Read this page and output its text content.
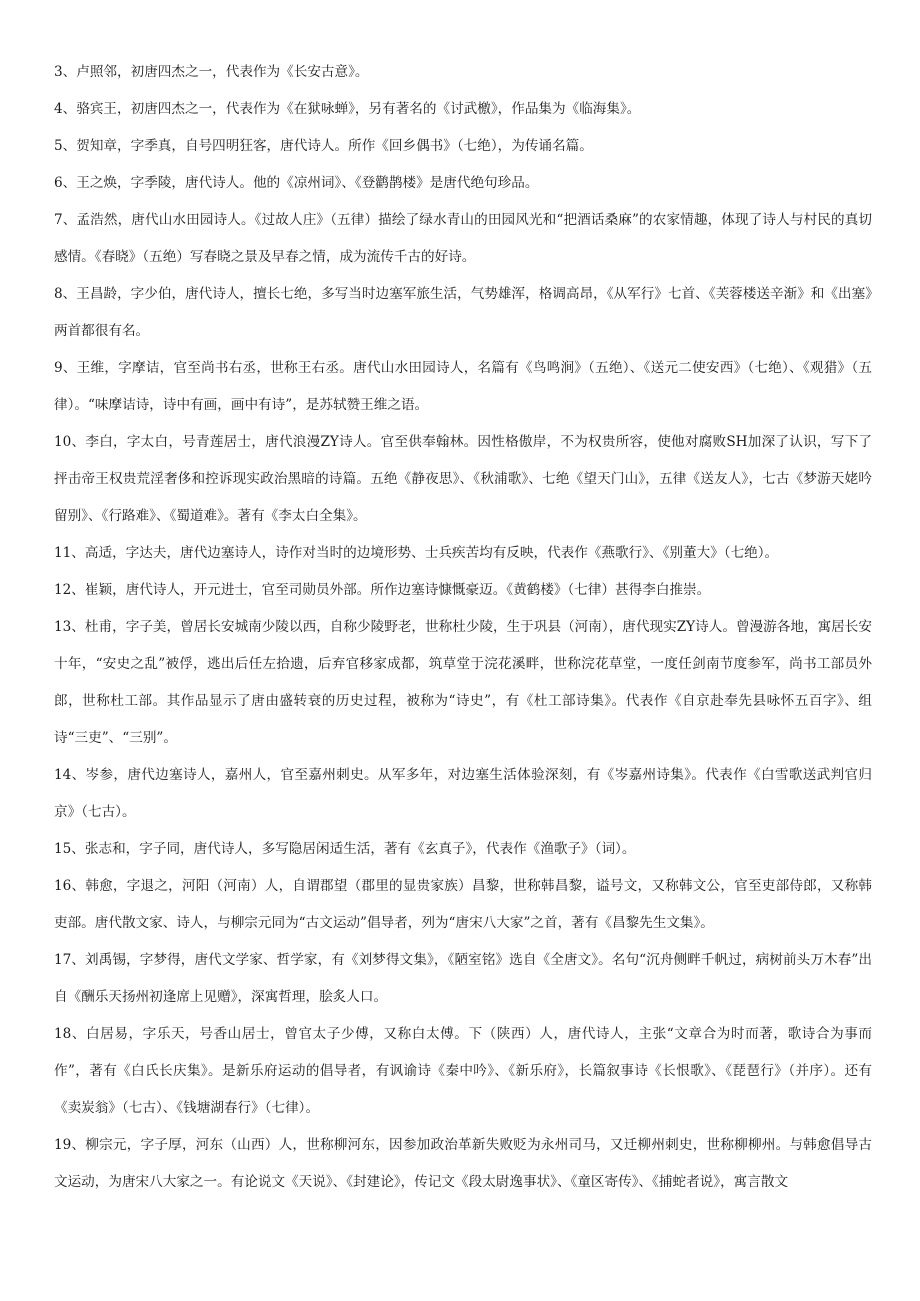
3、卢照邻，初唐四杰之一，代表作为《长安古意》。

4、骆宾王，初唐四杰之一，代表作为《在狱咏蝉》，另有著名的《讨武檄》，作品集为《临海集》。

5、贺知章，字季真，自号四明狂客，唐代诗人。所作《回乡偶书》（七绝），为传诵名篇。

6、王之焕，字季陵，唐代诗人。他的《凉州词》、《登鹳鹊楼》是唐代绝句珍品。

7、孟浩然，唐代山水田园诗人。《过故人庄》（五律）描绘了绿水青山的田园风光和“把酒话桑麻”的农家情趣，体现了诗人与村民的真切感情。《春晓》（五绝）写春晓之景及早春之情，成为流传千古的好诗。

8、王昌龄，字少伯，唐代诗人，擅长七绝，多写当时边塞军旅生活，气势雄浑，格调高昂，《从军行》七首、《芙蓉楼送辛渐》和《出塞》两首都很有名。

9、王维，字摩诘，官至尚书右丞，世称王右丞。唐代山水田园诗人，名篇有《鸟鸣涧》（五绝）、《送元二使安西》（七绝）、《观猎》（五律）。“味摩诘诗，诗中有画，画中有诗”，是苏轼赞王维之语。

10、李白，字太白，号青莲居士，唐代浪漫ZY诗人。官至供奉翰林。因性格傲岸，不为权贵所容，使他对腐败SH加深了认识，写下了抨击帝王权贵荒淫奢侈和控诉现实政治黑暗的诗篇。五绝《静夜思》、《秋浦歌》、七绝《望天门山》，五律《送友人》，七古《梦游天姥吟留别》、《行路难》、《蜀道难》。著有《李太白全集》。

11、高适，字达夫，唐代边塞诗人，诗作对当时的边境形势、士兵疾苦均有反映，代表作《燕歌行》、《别董大》（七绝）。

12、崔颖，唐代诗人，开元进士，官至司勋员外部。所作边塞诗慷慨豪迈。《黄鹤楼》（七律）甚得李白推崇。

13、杜甫，字子美，曾居长安城南少陵以西，自称少陵野老，世称杜少陵，生于巩县（河南），唐代现实ZY诗人。曾漫游各地，寓居长安十年，“安史之乱”被俘，逃出后任左拾遗，后弃官移家成都，筑草堂于浣花溪畔，世称浣花草堂，一度任剑南节度参军，尚书工部员外郎，世称杜工部。其作品显示了唐由盛转衰的历史过程，被称为“诗史”，有《杜工部诗集》。代表作《自京赴奉先县咏怀五百字》、组诗“三吏”、“三别”。

14、岑参，唐代边塞诗人，嘉州人，官至嘉州刺史。从军多年，对边塞生活体验深刻，有《岑嘉州诗集》。代表作《白雪歌送武判官归京》（七古）。

15、张志和，字子同，唐代诗人，多写隐居闲适生活，著有《玄真子》，代表作《渔歌子》（词）。

16、韩愈，字退之，河阳（河南）人，自谓郡望（郡里的显贵家族）昌黎，世称韩昌黎，谥号文，又称韩文公，官至吏部侍郎，又称韩吏部。唐代散文家、诗人，与柳宗元同为“古文运动”倡导者，列为“唐宋八大家”之首，著有《昌黎先生文集》。

17、刘禹锡，字梦得，唐代文学家、哲学家，有《刘梦得文集》，《陋室铭》选自《全唐文》。名句“沉舟侧畔千帆过，病树前头万木春”出自《酬乐天扬州初逢席上见赠》，深寓哲理，脍炙人口。

18、白居易，字乐天，号香山居士，曾官太子少傅，又称白太傅。下（陕西）人，唐代诗人，主张“文章合为时而著，歌诗合为事而作”，著有《白氏长庆集》。是新乐府运动的倡导者，有讽谕诗《秦中吟》、《新乐府》，长篇叙事诗《长恨歌》、《琵琶行》（并序）。还有《卖炭翁》（七古）、《钱塘湖春行》（七律）。

19、柳宗元，字子厚，河东（山西）人，世称柳河东，因参加政治革新失败贬为永州司马，又迁柳州刺史，世称柳柳州。与韩愈倡导古文运动，为唐宋八大家之一。有论说文《天说》、《封建论》，传记文《段太尉逸事状》、《童区寄传》、《捕蛇者说》，寓言散文
